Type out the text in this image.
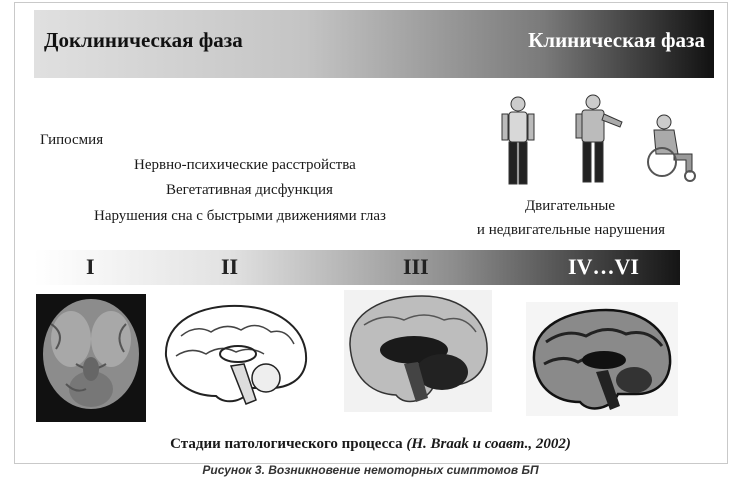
Доклиническая фаза	Клиническая фаза
Гипосмия
Нервно-психические расстройства
Вегетативная дисфункция
Нарушения сна с быстрыми движениями глаз
Двигательные
и недвигательные нарушения
I	II	III	IV…VI
Стадии патологического процесса (H. Braak и соавт., 2002)
Рисунок 3. Возникновение немоторных симптомов БП
